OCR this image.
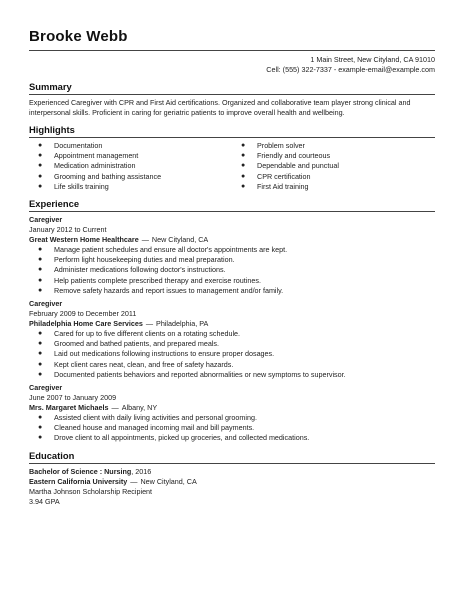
Brooke Webb
1 Main Street, New Cityland, CA 91010
Cell: (555) 322-7337 - example-email@example.com
Summary
Experienced Caregiver with CPR and First Aid certifications. Organized and collaborative team player strong clinical and interpersonal skills. Proficient in caring for geriatric patients to improve overall health and wellbeing.
Highlights
● Documentation
● Appointment management
● Medication administration
● Grooming and bathing assistance
● Life skills training
● Problem solver
● Friendly and courteous
● Dependable and punctual
● CPR certification
● First Aid training
Experience
Caregiver
January 2012 to Current
Great Western Home Healthcare — New Cityland, CA
● Manage patient schedules and ensure all doctor's appointments are kept.
● Perform light housekeeping duties and meal preparation.
● Administer medications following doctor's instructions.
● Help patients complete prescribed therapy and exercise routines.
● Remove safety hazards and report issues to management and/or family.
Caregiver
February 2009 to December 2011
Philadelphia Home Care Services — Philadelphia, PA
● Cared for up to five different clients on a rotating schedule.
● Groomed and bathed patients, and prepared meals.
● Laid out medications following instructions to ensure proper dosages.
● Kept client cares neat, clean, and free of safety hazards.
● Documented patients behaviors and reported abnormalities or new symptoms to supervisor.
Caregiver
June 2007 to January 2009
Mrs. Margaret Michaels — Albany, NY
● Assisted client with daily living activities and personal grooming.
● Cleaned house and managed incoming mail and bill payments.
● Drove client to all appointments, picked up groceries, and collected medications.
Education
Bachelor of Science : Nursing, 2016
Eastern California University — New Cityland, CA
Martha Johnson Scholarship Recipient
3.94 GPA
